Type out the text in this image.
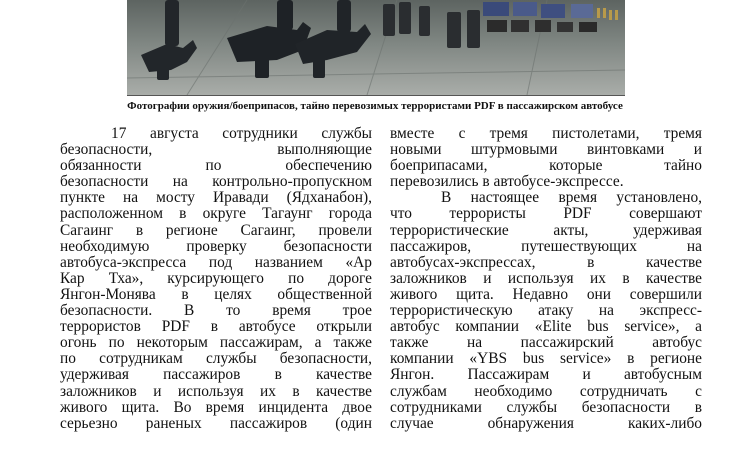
Фотографии оружия/боеприпасов, тайно перевозимых террористами PDF в пассажирском автобусе
17 августа сотрудники службы
безопасности, выполняющие
обязанности по обеспечению
безопасности на контрольно-пропускном
пункте на мосту Иравади (Ядханабон),
расположенном в округе Тагаунг города
Сагаинг в регионе Сагаинг, провели
необходимую проверку безопасности
автобуса-экспресса под названием «Ар
Кар Тха», курсирующего по дороге
Янгон-Монява в целях общественной
безопасности. В то время трое
террористов PDF в автобусе открыли
огонь по некоторым пассажирам, а также
по сотрудникам службы безопасности,
удерживая пассажиров в качестве
заложников и используя их в качестве
живого щита. Во время инцидента двое
серьезно раненых пассажиров (один
вместе с тремя пистолетами, тремя
новыми штурмовыми винтовками и
боеприпасами, которые тайно
перевозились в автобусе-экспрессе.
В настоящее время установлено,
что террористы PDF совершают
террористические акты, удерживая
пассажиров, путешествующих на
автобусах-экспрессах, в качестве
заложников и используя их в качестве
живого щита. Недавно они совершили
террористическую атаку на экспресс-
автобус компании «Elite bus service», а
также на пассажирский автобус
компании «YBS bus service» в регионе
Янгон. Пассажирам и автобусным
службам необходимо сотрудничать с
сотрудниками службы безопасности в
случае обнаружения каких-либо
